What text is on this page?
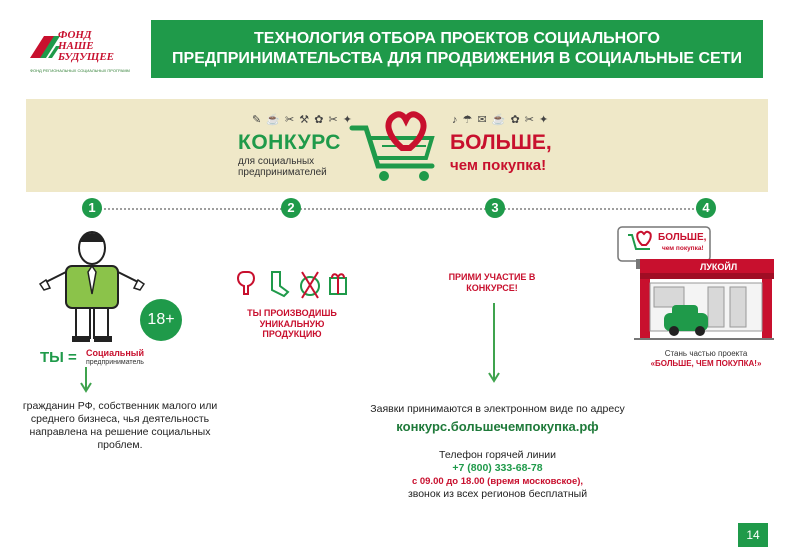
ФОНД
НАШЕ
БУДУЩЕЕ
ФОНД РЕГИОНАЛЬНЫХ СОЦИАЛЬНЫХ ПРОГРАММ
ТЕХНОЛОГИЯ ОТБОРА ПРОЕКТОВ СОЦИАЛЬНОГО ПРЕДПРИНИМАТЕЛЬСТВА ДЛЯ ПРОДВИЖЕНИЯ В СОЦИАЛЬНЫЕ СЕТИ
✎ ☕ ✂ ⚒ ✿ ✂ ✦	♪ ☂ ✉ ☕ ✿ ✂ ✦
КОНКУРС
для социальных
предпринимателей
БОЛЬШЕ,
чем покупка!
1	2	3	4
18+
ТЫ = Социальный
предприниматель
гражданин РФ, собственник малого или среднего бизнеса, чья деятельность направлена на решение социальных проблем.
ТЫ ПРОИЗВОДИШЬ УНИКАЛЬНУЮ ПРОДУКЦИЮ
ПРИМИ УЧАСТИЕ В КОНКУРСЕ!
БОЛЬШЕ,
чем покупка!
ЛУКОЙЛ
Стань частью проекта
«БОЛЬШЕ, ЧЕМ ПОКУПКА!»
Заявки принимаются в электронном виде по адресу
конкурс.большечемпокупка.рф
Телефон горячей линии
+7 (800) 333-68-78
с 09.00 до 18.00 (время московское),
звонок из всех регионов бесплатный
14
